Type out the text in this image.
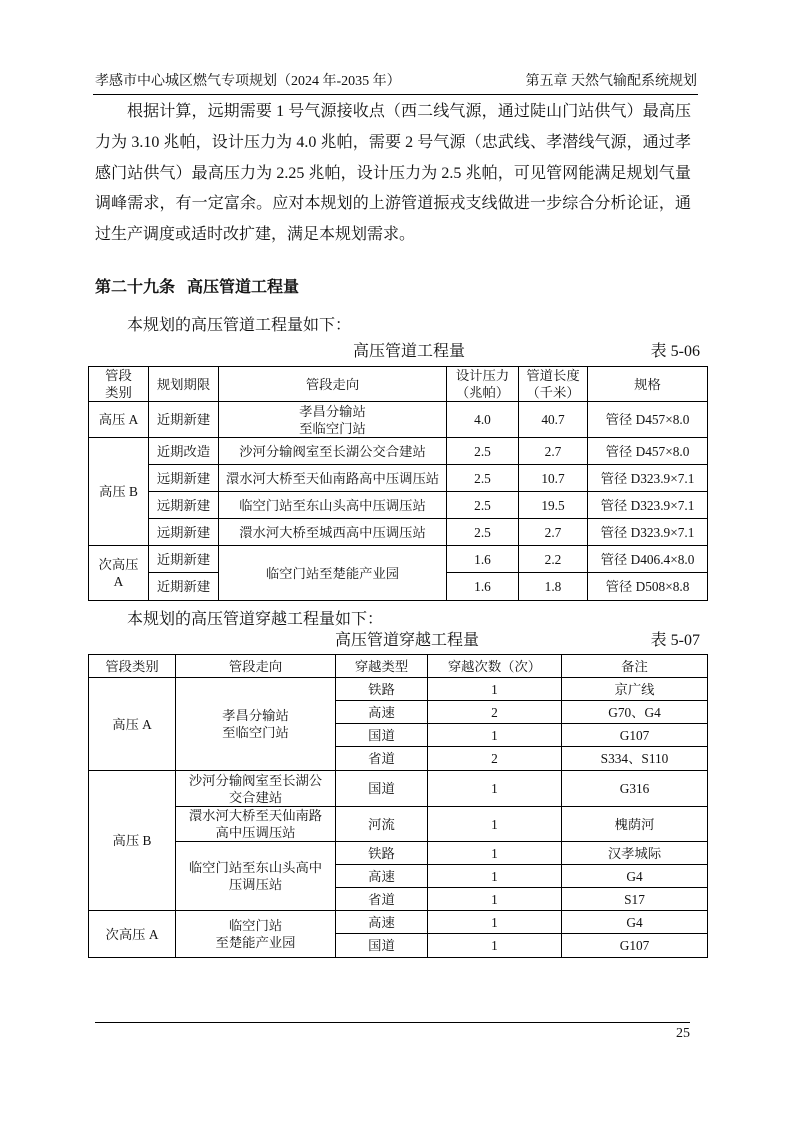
孝感市中心城区燃气专项规划（2024 年-2035 年）	第五章 天然气输配系统规划

根据计算，远期需要 1 号气源接收点（西二线气源，通过陡山门站供气）最高压力为 3.10 兆帕，设计压力为 4.0 兆帕，需要 2 号气源（忠武线、孝潜线气源，通过孝感门站供气）最高压力为 2.25 兆帕，设计压力为 2.5 兆帕，可见管网能满足规划气量调峰需求，有一定富余。应对本规划的上游管道振戎支线做进一步综合分析论证，通过生产调度或适时改扩建，满足本规划需求。

第二十九条 高压管道工程量

本规划的高压管道工程量如下：

高压管道工程量	表 5-06
管段
类别	规划期限	管段走向	设计压力
（兆帕）	管道长度
（千米）	规格
高压 A	近期新建	孝昌分输站
至临空门站	4.0	40.7	管径 D457×8.0
高压 B	近期改造	沙河分输阀室至长湖公交合建站	2.5	2.7	管径 D457×8.0
	远期新建	澴水河大桥至天仙南路高中压调压站	2.5	10.7	管径 D323.9×7.1
	远期新建	临空门站至东山头高中压调压站	2.5	19.5	管径 D323.9×7.1
	远期新建	澴水河大桥至城西高中压调压站	2.5	2.7	管径 D323.9×7.1
次高压 A	近期新建	临空门站至楚能产业园	1.6	2.2	管径 D406.4×8.0
	近期新建		1.6	1.8	管径 D508×8.8

本规划的高压管道穿越工程量如下：

高压管道穿越工程量	表 5-07
管段类别	管段走向	穿越类型	穿越次数（次）	备注
高压 A	孝昌分输站
至临空门站	铁路	1	京广线
		高速	2	G70、G4
		国道	1	G107
		省道	2	S334、S110
高压 B	沙河分输阀室至长湖公
交合建站	国道	1	G316
	澴水河大桥至天仙南路
高中压调压站	河流	1	槐荫河
	临空门站至东山头高中
压调压站	铁路	1	汉孝城际
		高速	1	G4
		省道	1	S17
次高压 A	临空门站
至楚能产业园	高速	1	G4
		国道	1	G107
25
